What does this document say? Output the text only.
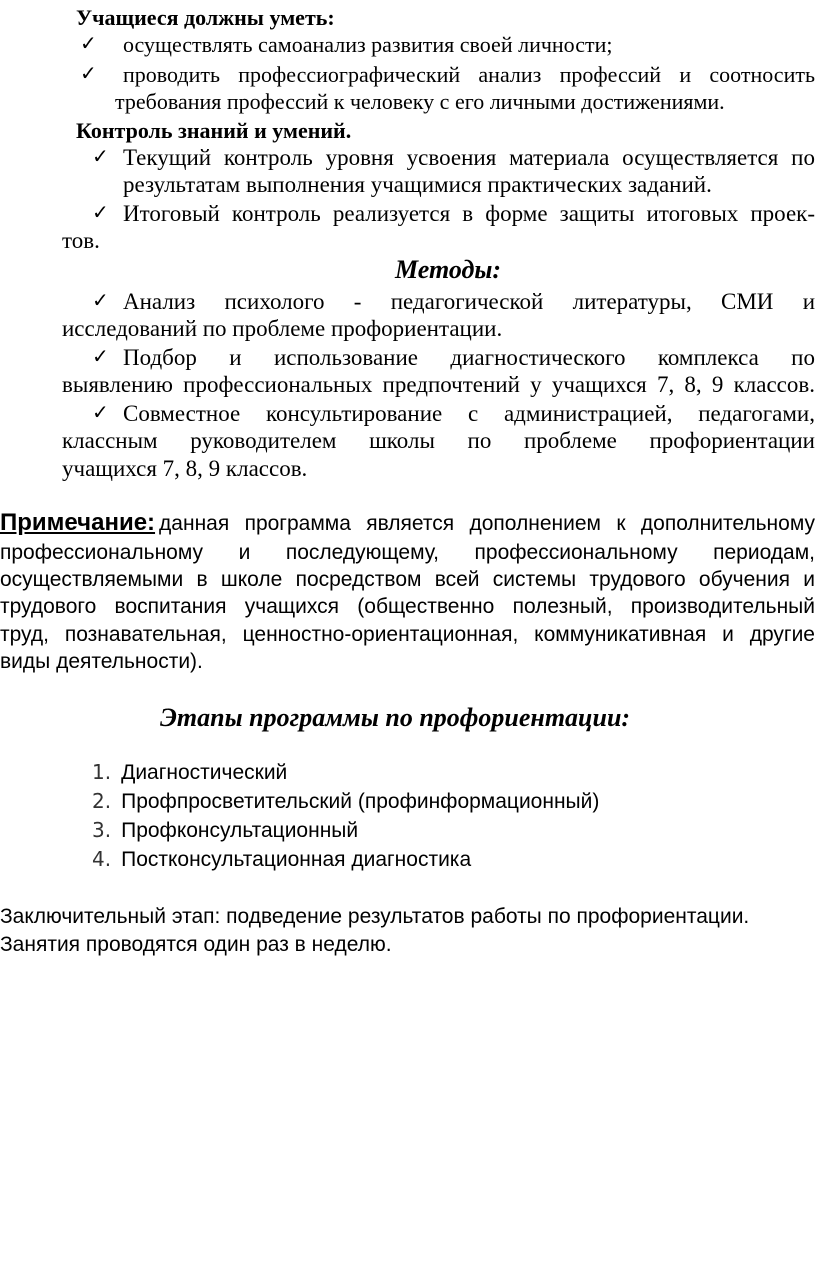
Учащиеся должны уметь:
✓ осуществлять самоанализ развития своей личности;
✓ проводить профессиографический анализ профессий и соотносить
требования профессий к человеку с его личными достижениями.
Контроль знаний и умений.
✓ Текущий контроль уровня усвоения материала осуществляется по
результатам выполнения учащимися практических заданий.
✓ Итоговый контроль реализуется в форме защиты итоговых проек-
тов.
Методы:
✓ Анализ психолого - педагогической литературы, СМИ и
исследований по проблеме профориентации.
✓ Подбор и использование диагностического комплекса по
выявлению профессиональных предпочтений у учащихся 7, 8, 9 классов.
✓ Совместное консультирование с администрацией, педагогами,
классным руководителем школы по проблеме профориентации
учащихся 7, 8, 9 классов.
Примечание: данная программа является дополнением к дополнительному
профессиональному и последующему, профессиональному периодам,
осуществляемыми в школе посредством всей системы трудового обучения и
трудового воспитания учащихся (общественно полезный, производительный
труд, познавательная, ценностно-ориентационная, коммуникативная и другие
виды деятельности).
Этапы программы по профориентации:
1. Диагностический
2. Профпросветительский (профинформационный)
3. Профконсультационный
4. Постконсультационная диагностика
Заключительный этап: подведение результатов работы по профориентации.
Занятия проводятся один раз в неделю.
